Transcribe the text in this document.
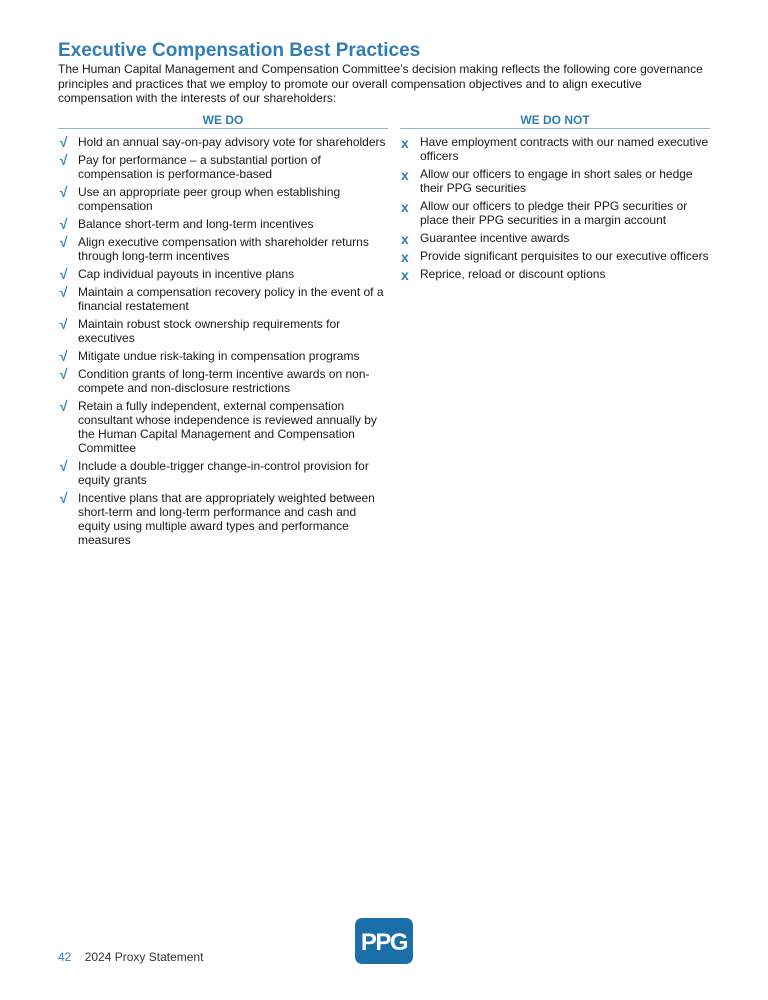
Executive Compensation Best Practices

The Human Capital Management and Compensation Committee’s decision making reflects the following core governance principles and practices that we employ to promote our overall compensation objectives and to align executive compensation with the interests of our shareholders:

WE DO
√ Hold an annual say-on-pay advisory vote for shareholders
√ Pay for performance – a substantial portion of compensation is performance-based
√ Use an appropriate peer group when establishing compensation
√ Balance short-term and long-term incentives
√ Align executive compensation with shareholder returns through long-term incentives
√ Cap individual payouts in incentive plans
√ Maintain a compensation recovery policy in the event of a financial restatement
√ Maintain robust stock ownership requirements for executives
√ Mitigate undue risk-taking in compensation programs
√ Condition grants of long-term incentive awards on non-compete and non-disclosure restrictions
√ Retain a fully independent, external compensation consultant whose independence is reviewed annually by the Human Capital Management and Compensation Committee
√ Include a double-trigger change-in-control provision for equity grants
√ Incentive plans that are appropriately weighted between short-term and long-term performance and cash and equity using multiple award types and performance measures
WE DO NOT
x Have employment contracts with our named executive officers
x Allow our officers to engage in short sales or hedge their PPG securities
x Allow our officers to pledge their PPG securities or place their PPG securities in a margin account
x Guarantee incentive awards
x Provide significant perquisites to our executive officers
x Reprice, reload or discount options
42 2024 Proxy Statement
PPG
